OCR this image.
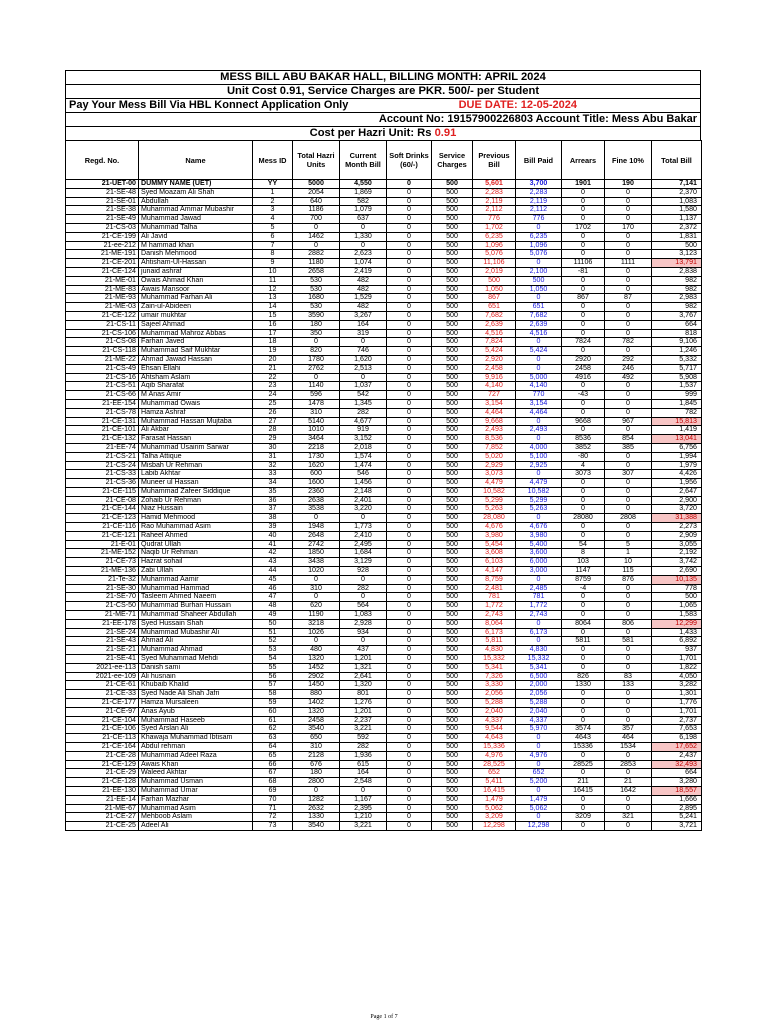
MESS BILL ABU BAKAR HALL, BILLING MONTH: APRIL 2024
Unit Cost 0.91, Service Charges are PKR. 500/- per Student
Pay Your Mess Bill Via HBL Konnect Application Only	DUE DATE: 12-05-2024
Account No: 19157900226803 Account Title: Mess Abu Bakar
Cost per Hazri Unit: Rs 0.91
Regd. No.	Name	Mess ID	Total Hazri Units	Current Month Bill	Soft Drinks (60/-)	Service Charges	Previous Bill	Bill Paid	Arrears	Fine 10%	Total Bill
21-UET-00	DUMMY NAME (UET)	YY	5000	4,550	0	500	5,601	3,700	1901	190	7,141
21-SE-48	Syed Moazam Ali Shah	1	2054	1,869	0	500	2,283	2,283	0	0	2,370
21-SE-01	Abdullah	2	640	582	0	500	2,119	2,119	0	0	1,083
21-SE-38	Muhammad Ammar Mubashir	3	1186	1,079	0	500	2,112	2,112	0	0	1,580
21-SE-49	Muhammad Jawad	4	700	637	0	500	776	776	0	0	1,137
21-CS-03	Muhammad Talha	5	0	0	0	500	1,702	0	1702	170	2,372
21-CE-199	Ali Javid	6	1462	1,330	0	500	6,235	6,235	0	0	1,831
21-ee-212	M hammad khan	7	0	0	0	500	1,096	1,096	0	0	500
21-ME-191	Danish Mehmood	8	2882	2,623	0	500	5,076	5,076	0	0	3,123
21-CE-201	Ahtisham-Ul-Hassan	9	1180	1,074	0	500	11,106	0	11106	1111	13,791
21-CE-124	junaid ashraf	10	2658	2,419	0	500	2,019	2,100	-81	0	2,838
21-ME-01	Owais Ahmad Khan	11	530	482	0	500	500	500	0	0	982
21-ME-83	Awais Mansoor	12	530	482	0	500	1,050	1,050	0	0	982
21-ME-93	Muhammad Farhan Ali	13	1680	1,529	0	500	867	0	867	87	2,983
21-ME-03	Zain-ul-Abideen	14	530	482	0	500	651	651	0	0	982
21-CE-122	umair mukhtar	15	3590	3,267	0	500	7,682	7,682	0	0	3,767
21-CS-11	Sajeel Ahmad	16	180	164	0	500	2,639	2,639	0	0	664
21-CS-106	Muhammad Mahroz Abbas	17	350	319	0	500	4,516	4,516	0	0	818
21-CS-08	Farhan Javed	18	0	0	0	500	7,824	0	7824	782	9,106
21-CS-118	Muhammad Saif Mukhtar	19	820	746	0	500	5,424	5,424	0	0	1,246
21-ME-22	Ahmad Jawad Hassan	20	1780	1,620	0	500	2,920	0	2920	292	5,332
21-CS-49	Ehsan Ellahi	21	2762	2,513	0	500	2,458	0	2458	246	5,717
21-CS-16	Ahtsham Aslam	22	0	0	0	500	9,916	5,000	4916	492	5,908
21-CS-51	Aqib Sharafat	23	1140	1,037	0	500	4,140	4,140	0	0	1,537
21-CS-66	M Anas Amir	24	596	542	0	500	727	770	-43	0	999
21-EE-154	Muhammad Owais	25	1478	1,345	0	500	3,154	3,154	0	0	1,845
21-CS-78	Hamza Ashraf	26	310	282	0	500	4,464	4,464	0	0	782
21-CE-131	Muhammad Hassan Mujtaba	27	5140	4,677	0	500	9,668	0	9668	967	15,813
21-CE-101	Ali Akbar	28	1010	919	0	500	2,493	2,493	0	0	1,419
21-CE-132	Farasat Hassan	29	3464	3,152	0	500	8,536	0	8536	854	13,041
21-EE-74	Muhammad Usairim Sarwar	30	2218	2,018	0	500	7,852	4,000	3852	385	6,756
21-CS-21	Talha Attique	31	1730	1,574	0	500	5,020	5,100	-80	0	1,994
21-CS-24	Misbah Ur Rehman	32	1620	1,474	0	500	2,929	2,925	4	0	1,979
21-CS-33	Labib Akhtar	33	600	546	0	500	3,073	0	3073	307	4,426
21-CS-36	Muneer ul Hassan	34	1600	1,456	0	500	4,479	4,479	0	0	1,956
21-CE-115	Muhammad Zafeer Siddique	35	2360	2,148	0	500	10,582	10,582	0	0	2,647
21-CE-08	Zohaib Ur Rehman	36	2638	2,401	0	500	5,299	5,299	0	0	2,900
21-CE-144	Niaz Hussain	37	3538	3,220	0	500	5,263	5,263	0	0	3,720
21-CE-123	Hamid Mehmood	38	0	0	0	500	28,080	0	28080	2808	31,388
21-CE-116	Rao Muhammad Asim	39	1948	1,773	0	500	4,676	4,676	0	0	2,273
21-CE-121	Raheel Ahmed	40	2648	2,410	0	500	3,980	3,980	0	0	2,909
21-E-01	Qudrat Ullah	41	2742	2,495	0	500	5,454	5,400	54	5	3,055
21-ME-152	Naqib Ur Rehman	42	1850	1,684	0	500	3,608	3,600	8	1	2,192
21-CE-73	Hazrat sohail	43	3438	3,129	0	500	6,103	6,000	103	10	3,742
21-ME-136	Zabi Ullah	44	1020	928	0	500	4,147	3,000	1147	115	2,690
21-Te-32	Muhammad Aamir	45	0	0	0	500	8,759	0	8759	876	10,135
21-SE-30	Muhammad Hammad	46	310	282	0	500	2,481	2,485	-4	0	778
21-SE-70	Tasleem Ahmed Naeem	47	0	0	0	500	781	781	0	0	500
21-CS-50	Muhammad Burhan Hussain	48	620	564	0	500	1,772	1,772	0	0	1,065
21-ME-71	Muhammad Shaheer Abdullah	49	1190	1,083	0	500	2,743	2,743	0	0	1,583
21-EE-178	Syed Hussain Shah	50	3218	2,928	0	500	8,064	0	8064	806	12,299
21-SE-24	Muhammad Mubashir Ali	51	1026	934	0	500	6,173	6,173	0	0	1,433
21-SE-43	Ahmad Ali	52	0	0	0	500	5,811	0	5811	581	6,892
21-SE-21	Muhammad Ahmad	53	480	437	0	500	4,830	4,830	0	0	937
21-SE-41	Syed Muhammad Mehdi	54	1320	1,201	0	500	15,332	15,332	0	0	1,701
2021-ee-113	Danish sami	55	1452	1,321	0	500	5,341	5,341	0	0	1,822
2021-ee-109	Ali husnain	56	2902	2,641	0	500	7,326	6,500	826	83	4,050
21-CE-61	Khubaib Khalid	57	1450	1,320	0	500	3,330	2,000	1330	133	3,282
21-CE-33	Syed Nade Ali Shah Jafri	58	880	801	0	500	2,056	2,056	0	0	1,301
21-CE-177	Hamza Mursaleen	59	1402	1,276	0	500	5,288	5,288	0	0	1,776
21-CE-97	Anas Ayub	60	1320	1,201	0	500	2,040	2,040	0	0	1,701
21-CE-104	Muhammad Haseeb	61	2458	2,237	0	500	4,337	4,337	0	0	2,737
21-CE-106	Syed Arslan Ali	62	3540	3,221	0	500	9,544	5,970	3574	357	7,653
21-CE-113	Khawaja Muhammad Ibtisam	63	650	592	0	500	4,643	0	4643	464	6,198
21-CE-164	Abdul rehman	64	310	282	0	500	15,336	0	15336	1534	17,652
21-CE-28	Muhammad Adeel Raza	65	2128	1,936	0	500	4,976	4,976	0	0	2,437
21-CE-129	Awais Khan	66	676	615	0	500	28,525	0	28525	2853	32,493
21-CE-29	Waleed Akhtar	67	180	164	0	500	652	652	0	0	664
21-CE-128	Muhammad Usman	68	2800	2,548	0	500	5,411	5,200	211	21	3,280
21-EE-130	Muhammad Umar	69	0	0	0	500	16,415	0	16415	1642	18,557
21-EE-14	Farhan Mazhar	70	1282	1,167	0	500	1,479	1,479	0	0	1,666
21-ME-67	Muhammad Asim	71	2632	2,395	0	500	5,062	5,062	0	0	2,895
21-CE-27	Mehboob Aslam	72	1330	1,210	0	500	3,209	0	3209	321	5,241
21-CE-25	Adeel Ali	73	3540	3,221	0	500	12,298	12,298	0	0	3,721
Page 1 of 7
